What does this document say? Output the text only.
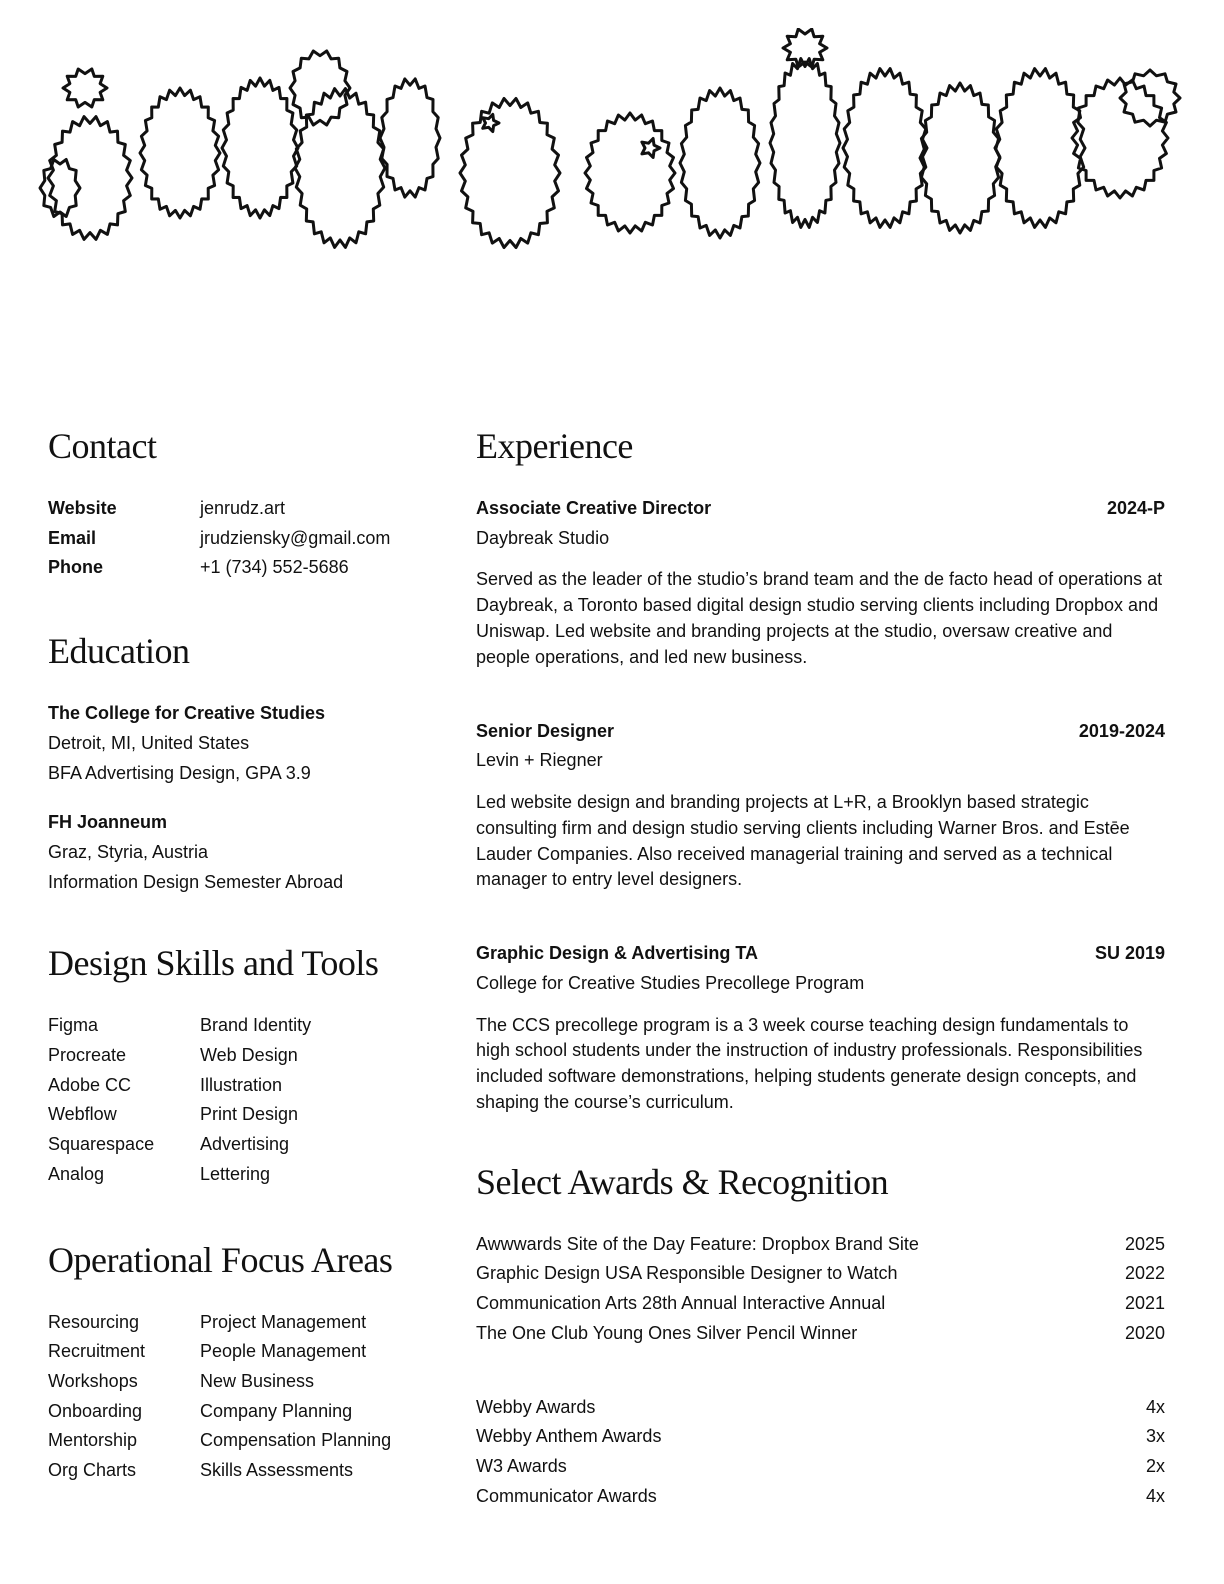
Contact
Website	jenrudz.art
Email	jrudziensky@gmail.com
Phone	+1 (734) 552-5686
Education
The College for Creative Studies
Detroit, MI, United States
BFA Advertising Design, GPA 3.9
FH Joanneum
Graz, Styria, Austria
Information Design Semester Abroad
Design Skills and Tools
Figma	Brand Identity
Procreate	Web Design
Adobe CC	Illustration
Webflow	Print Design
Squarespace	Advertising
Analog	Lettering
Operational Focus Areas
Resourcing	Project Management
Recruitment	People Management
Workshops	New Business
Onboarding	Company Planning
Mentorship	Compensation Planning
Org Charts	Skills Assessments
Experience
Associate Creative Director	2024-P
Daybreak Studio
Served as the leader of the studio’s brand team and the de facto head of operations at Daybreak, a Toronto based digital design studio serving clients including Dropbox and Uniswap. Led website and branding projects at the studio, oversaw creative and people operations, and led new business.
Senior Designer	2019-2024
Levin + Riegner
Led website design and branding projects at L+R, a Brooklyn based strategic consulting firm and design studio serving clients including Warner Bros. and Estēe Lauder Companies. Also received managerial training and served as a technical manager to entry level designers.
Graphic Design & Advertising TA	SU 2019
College for Creative Studies Precollege Program
The CCS precollege program is a 3 week course teaching design fundamentals to high school students under the instruction of industry professionals. Responsibilities included software demonstrations, helping students generate design concepts, and shaping the course’s curriculum.
Select Awards & Recognition
Awwwards Site of the Day Feature: Dropbox Brand Site	2025
Graphic Design USA Responsible Designer to Watch	2022
Communication Arts 28th Annual Interactive Annual	2021
The One Club Young Ones Silver Pencil Winner	2020
Webby Awards	4x
Webby Anthem Awards	3x
W3 Awards	2x
Communicator Awards	4x
